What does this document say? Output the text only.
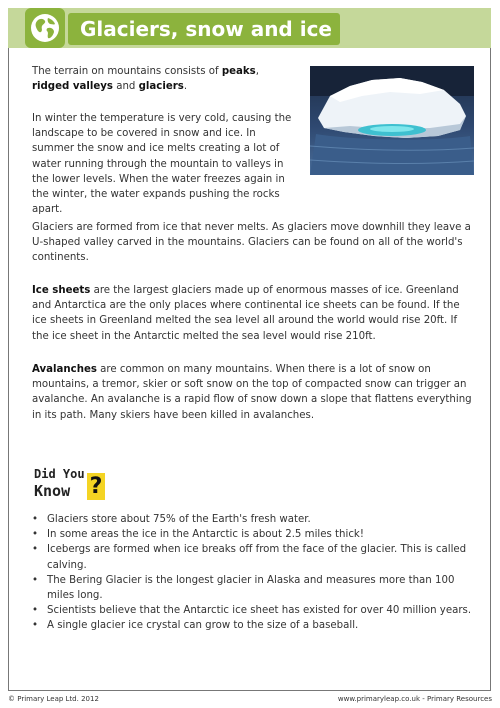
Glaciers, snow and ice

The terrain on mountains consists of peaks, ridged valleys and glaciers.

In winter the temperature is very cold, causing the landscape to be covered in snow and ice. In summer the snow and ice melts creating a lot of water running through the mountain to valleys in the lower levels. When the water freezes again in the winter, the water expands pushing the rocks apart.

Glaciers are formed from ice that never melts. As glaciers move downhill they leave a U-shaped valley carved in the mountains. Glaciers can be found on all of the world's continents.

Ice sheets are the largest glaciers made up of enormous masses of ice. Greenland and Antarctica are the only places where continental ice sheets can be found. If the ice sheets in Greenland melted the sea level all around the world would rise 20ft. If the ice sheet in the Antarctic melted the sea level would rise 210ft.

Avalanches are common on many mountains. When there is a lot of snow on mountains, a tremor, skier or soft snow on the top of compacted snow can trigger an avalanche. An avalanche is a rapid flow of snow down a slope that flattens everything in its path. Many skiers have been killed in avalanches.

Did You
Know ?
• Glaciers store about 75% of the Earth's fresh water.
• In some areas the ice in the Antarctic is about 2.5 miles thick!
• Icebergs are formed when ice breaks off from the face of the glacier. This is called calving.
• The Bering Glacier is the longest glacier in Alaska and measures more than 100 miles long.
• Scientists believe that the Antarctic ice sheet has existed for over 40 million years.
• A single glacier ice crystal can grow to the size of a baseball.
© Primary Leap Ltd. 2012	www.primaryleap.co.uk - Primary Resources
